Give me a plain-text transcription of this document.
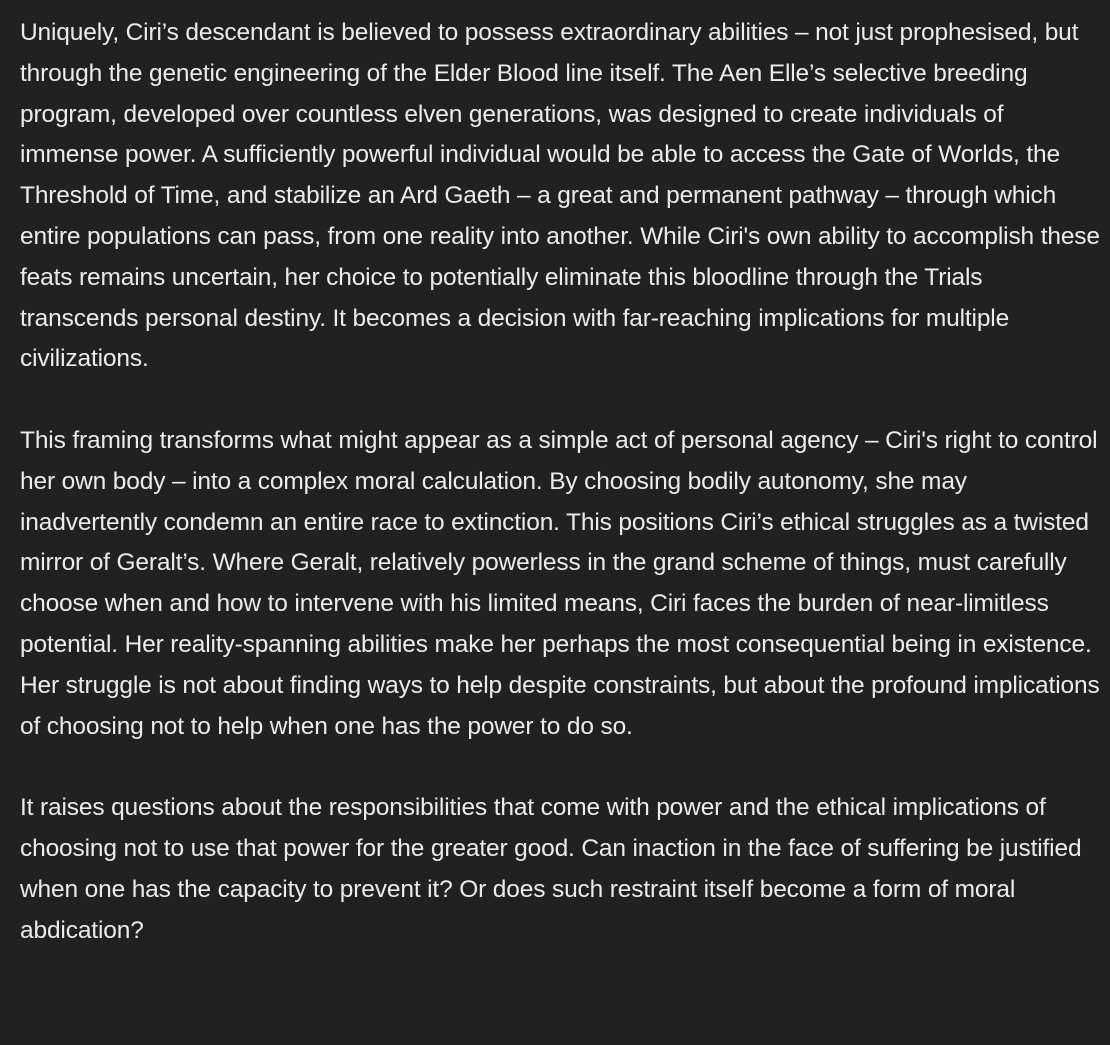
Uniquely, Ciri’s descendant is believed to possess extraordinary abilities – not just prophesised, but through the genetic engineering of the Elder Blood line itself. The Aen Elle’s selective breeding program, developed over countless elven generations, was designed to create individuals of immense power. A sufficiently powerful individual would be able to access the Gate of Worlds, the Threshold of Time, and stabilize an Ard Gaeth – a great and permanent pathway – through which entire populations can pass, from one reality into another. While Ciri's own ability to accomplish these feats remains uncertain, her choice to potentially eliminate this bloodline through the Trials transcends personal destiny. It becomes a decision with far-reaching implications for multiple civilizations.

This framing transforms what might appear as a simple act of personal agency – Ciri's right to control her own body – into a complex moral calculation. By choosing bodily autonomy, she may inadvertently condemn an entire race to extinction. This positions Ciri’s ethical struggles as a twisted mirror of Geralt’s. Where Geralt, relatively powerless in the grand scheme of things, must carefully choose when and how to intervene with his limited means, Ciri faces the burden of near-limitless potential. Her reality-spanning abilities make her perhaps the most consequential being in existence. Her struggle is not about finding ways to help despite constraints, but about the profound implications of choosing not to help when one has the power to do so.

It raises questions about the responsibilities that come with power and the ethical implications of choosing not to use that power for the greater good. Can inaction in the face of suffering be justified when one has the capacity to prevent it? Or does such restraint itself become a form of moral abdication?
